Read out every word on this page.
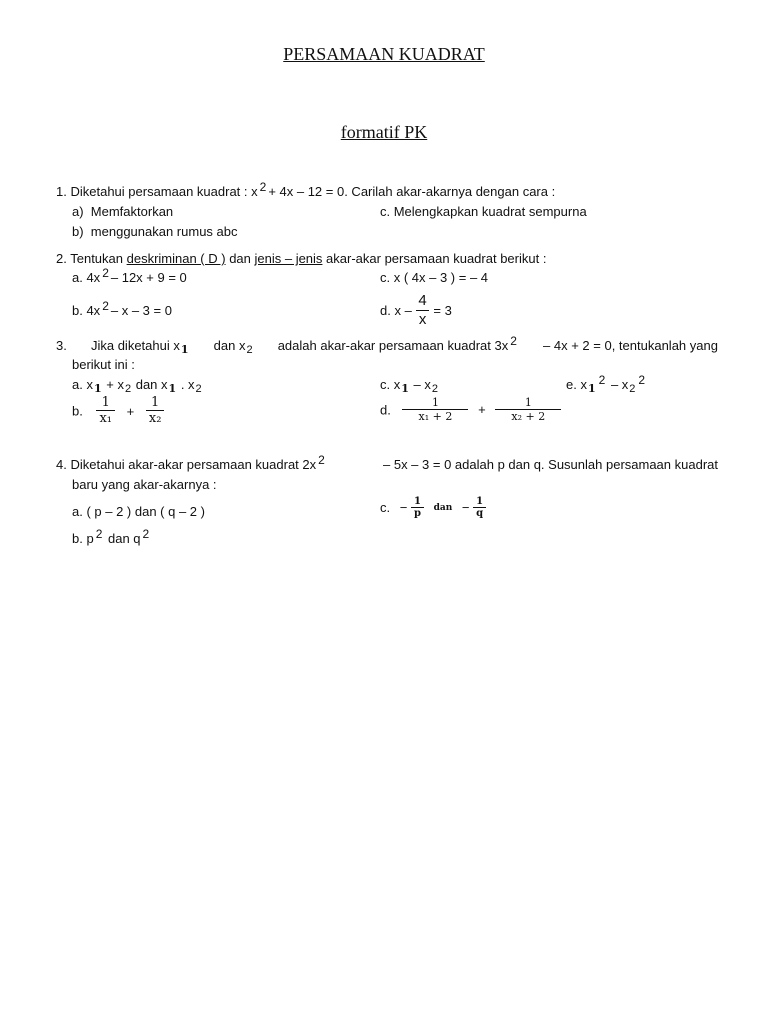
PERSAMAAN KUADRAT
formatif PK
1. Diketahui persamaan kuadrat : x 2 + 4x – 12 = 0. Carilah akar-akarnya dengan cara :
a) Memfaktorkan	c. Melengkapkan kuadrat sempurna
b) menggunakan rumus abc
2. Tentukan deskriminan ( D ) dan jenis – jenis akar-akar persamaan kuadrat berikut :
a. 4x 2 – 12x + 9 = 0	c. x ( 4x – 3 ) = – 4
b. 4x 2 – x – 3 = 0	d. $x - \frac{4}{x} = 3$
3. Jika diketahui $x_1$ dan $x_2$ adalah akar-akar persamaan kuadrat 3x 2 – 4x + 2 = 0, tentukanlah yang
berikut ini :
a. $x_1 + x_2$ dan $x_1$ . $x_2$	c. $x_1 - x_2$	e. $x_12 - x_22$
b. $\frac{1}{\text{x₁}} + \frac{1}{\text{x₂}}$	d. $\frac{1}{\text{x₁ + 2}} + \frac{1}{\text{x₂ + 2}}$
4. Diketahui akar-akar persamaan kuadrat 2x 2	– 5x – 3 = 0 adalah p dan q. Susunlah persamaan kuadrat
baru yang akar-akarnya :
a. ( p – 2 ) dan ( q – 2 )	c. − $\frac{1}{p}$ dan − $\frac{1}{q}$
b. p 2 dan q 2
